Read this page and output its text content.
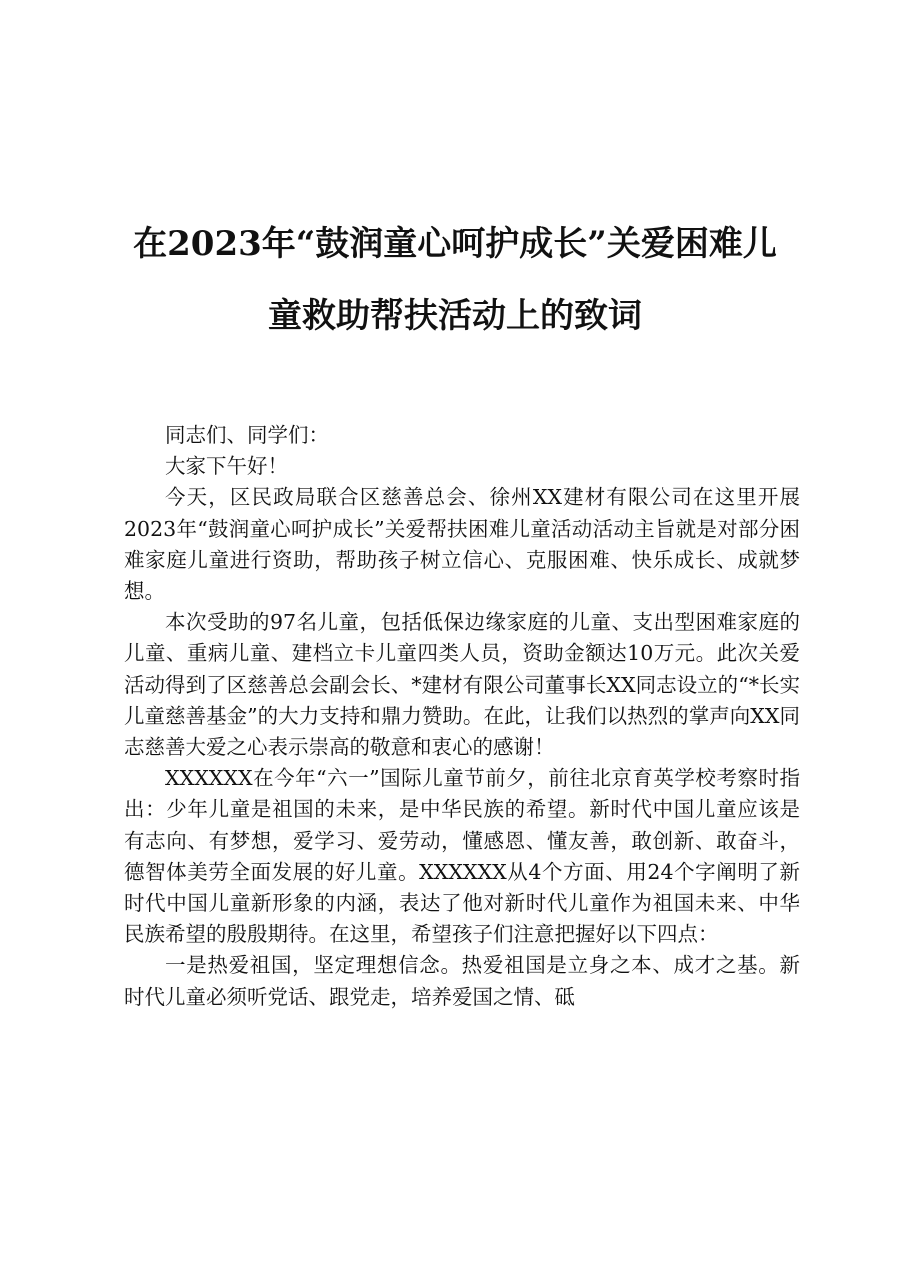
在2023年“鼓润童心呵护成长”关爱困难儿
童救助帮扶活动上的致词

同志们、同学们：

大家下午好！

今天，区民政局联合区慈善总会、徐州XX建材有限公司在这里开展2023年“鼓润童心呵护成长”关爱帮扶困难儿童活动活动主旨就是对部分困难家庭儿童进行资助，帮助孩子树立信心、克服困难、快乐成长、成就梦想。

本次受助的97名儿童，包括低保边缘家庭的儿童、支出型困难家庭的儿童、重病儿童、建档立卡儿童四类人员，资助金额达10万元。此次关爱活动得到了区慈善总会副会长、*建材有限公司董事长XX同志设立的“*长实儿童慈善基金”的大力支持和鼎力赞助。在此，让我们以热烈的掌声向XX同志慈善大爱之心表示崇高的敬意和衷心的感谢！

XXXXXX在今年“六一”国际儿童节前夕，前往北京育英学校考察时指出：少年儿童是祖国的未来，是中华民族的希望。新时代中国儿童应该是有志向、有梦想，爱学习、爱劳动，懂感恩、懂友善，敢创新、敢奋斗，德智体美劳全面发展的好儿童。XXXXXX从4个方面、用24个字阐明了新时代中国儿童新形象的内涵，表达了他对新时代儿童作为祖国未来、中华民族希望的殷殷期待。在这里，希望孩子们注意把握好以下四点：

一是热爱祖国，坚定理想信念。热爱祖国是立身之本、成才之基。新时代儿童必须听党话、跟党走，培养爱国之情、砥
